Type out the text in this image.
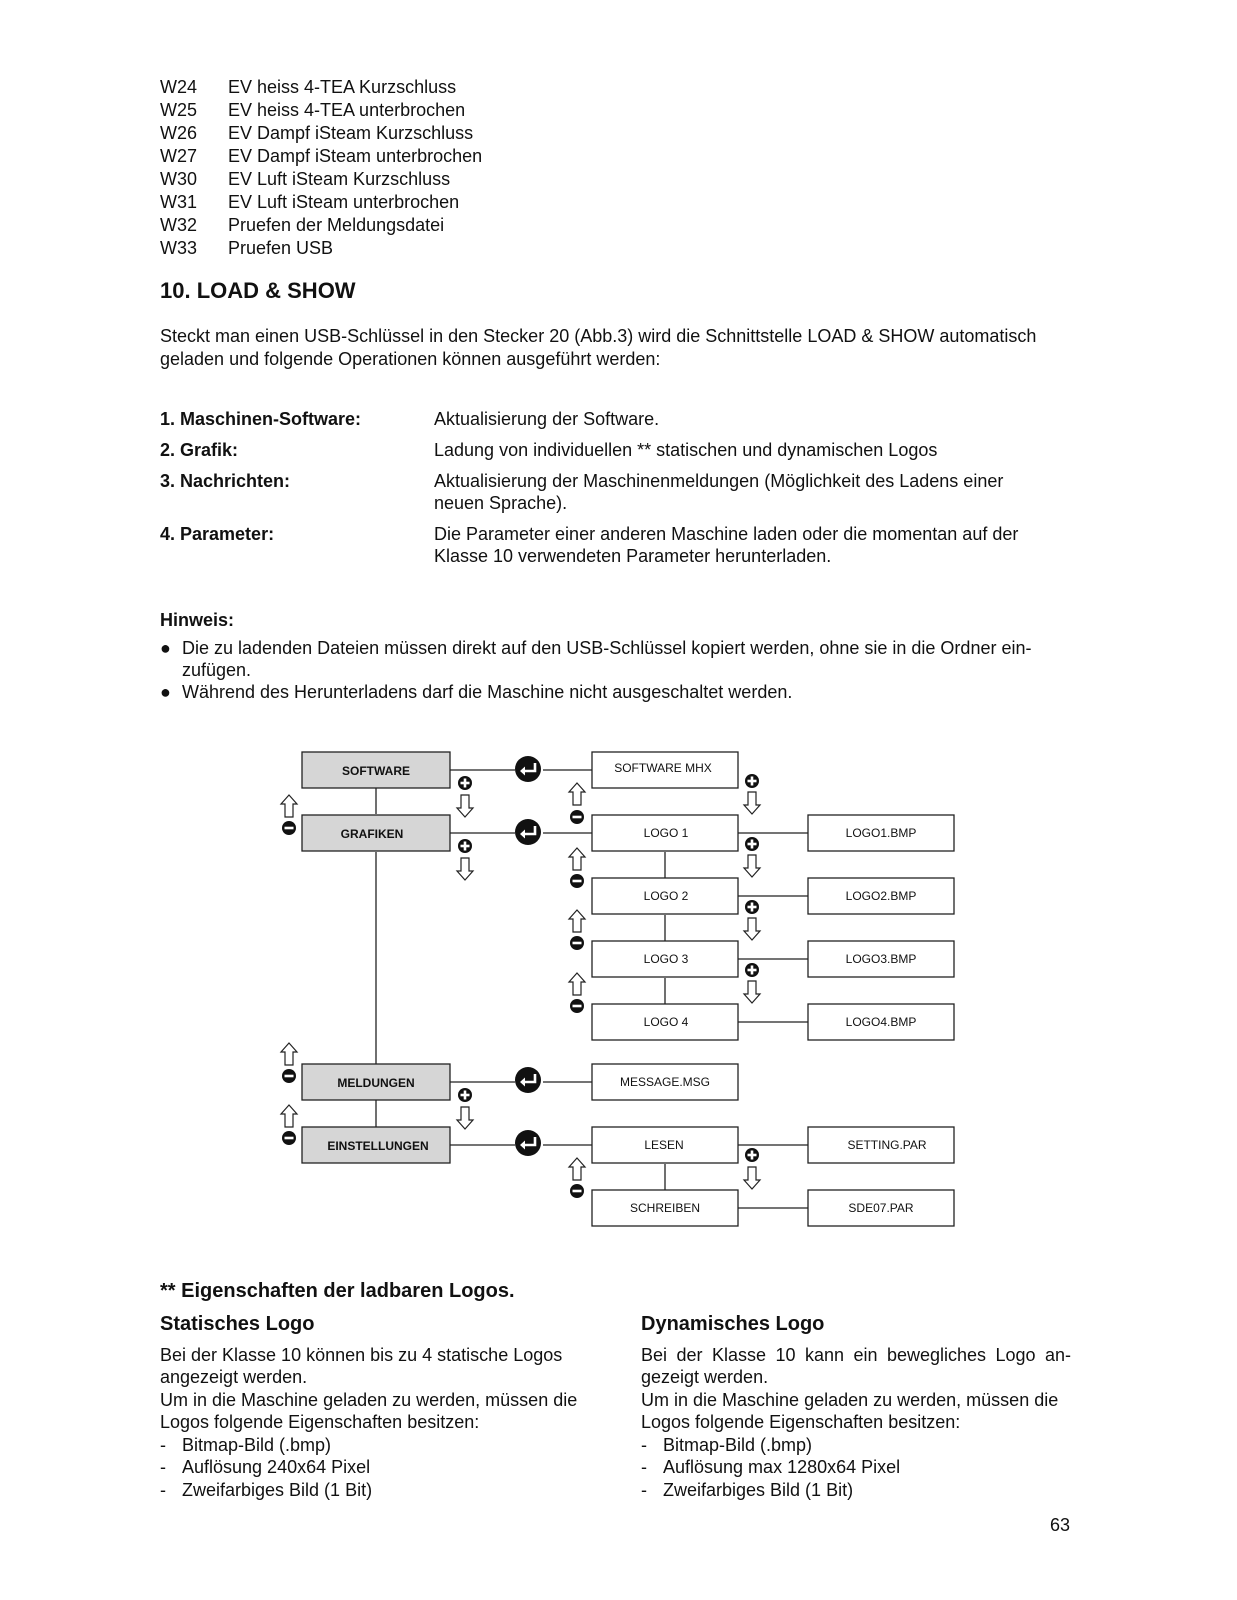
W24	EV heiss 4-TEA Kurzschluss
W25	EV heiss 4-TEA unterbrochen
W26	EV Dampf iSteam Kurzschluss
W27	EV Dampf iSteam unterbrochen
W30	EV Luft iSteam Kurzschluss
W31	EV Luft iSteam unterbrochen
W32	Pruefen der Meldungsdatei
W33	Pruefen USB
10. LOAD & SHOW
Steckt man einen USB-Schlüssel in den Stecker 20 (Abb.3) wird die Schnittstelle LOAD & SHOW automatisch geladen und folgende Operationen können ausgeführt werden:
1. Maschinen-Software:	Aktualisierung der Software.
2. Grafik:	Ladung von individuellen ** statischen und dynamischen Logos
3. Nachrichten:	Aktualisierung der Maschinenmeldungen (Möglichkeit des Ladens einer neuen Sprache).
4. Parameter:	Die Parameter einer anderen Maschine laden oder die momentan auf der Klasse 10 verwendeten Parameter herunterladen.
Hinweis:
● Die zu ladenden Dateien müssen direkt auf den USB-Schlüssel kopiert werden, ohne sie in die Ordner ein-zufügen.
● Während des Herunterladens darf die Maschine nicht ausgeschaltet werden.
SOFTWARE
GRAFIKEN
MELDUNGEN
EINSTELLUNGEN
SOFTWARE MHX
LOGO 1
LOGO 2
LOGO 3
LOGO 4
MESSAGE.MSG
LESEN
SCHREIBEN
LOGO1.BMP
LOGO2.BMP
LOGO3.BMP
LOGO4.BMP
SETTING.PAR
SDE07.PAR
** Eigenschaften der ladbaren Logos.
Statisches Logo
Bei der Klasse 10 können bis zu 4 statische Logos angezeigt werden.
Um in die Maschine geladen zu werden, müssen die Logos folgende Eigenschaften besitzen:
- Bitmap-Bild (.bmp)
- Auflösung 240x64 Pixel
- Zweifarbiges Bild (1 Bit)
Dynamisches Logo
Bei der Klasse 10 kann ein bewegliches Logo an-gezeigt werden.
Um in die Maschine geladen zu werden, müssen die Logos folgende Eigenschaften besitzen:
- Bitmap-Bild (.bmp)
- Auflösung max 1280x64 Pixel
- Zweifarbiges Bild (1 Bit)
63
